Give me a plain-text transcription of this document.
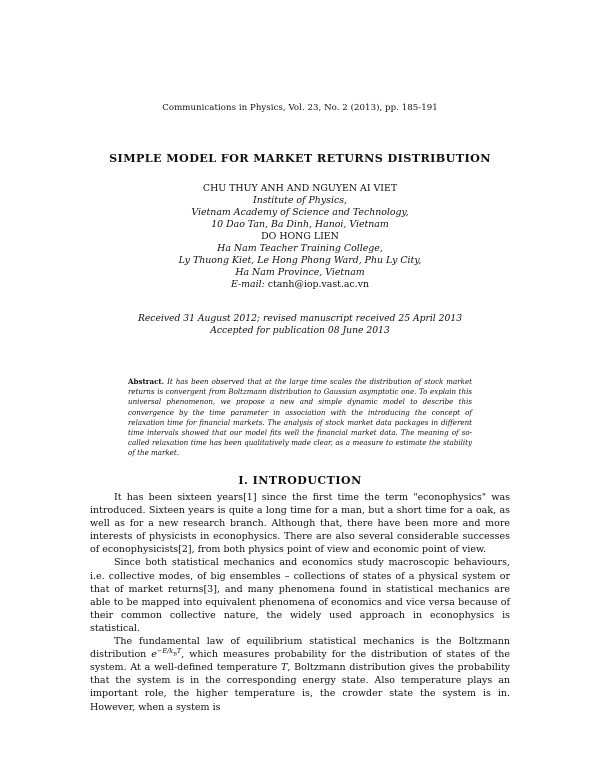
Communications in Physics, Vol. 23, No. 2 (2013), pp. 185-191
SIMPLE MODEL FOR MARKET RETURNS DISTRIBUTION
CHU THUY ANH AND NGUYEN AI VIET
Institute of Physics,
Vietnam Academy of Science and Technology,
10 Dao Tan, Ba Dinh, Hanoi, Vietnam
DO HONG LIEN
Ha Nam Teacher Training College,
Ly Thuong Kiet, Le Hong Phong Ward, Phu Ly City,
Ha Nam Province, Vietnam
E-mail: ctanh@iop.vast.ac.vn
Received 31 August 2012; revised manuscript received 25 April 2013
Accepted for publication 08 June 2013
Abstract. It has been observed that at the large time scales the distribution of stock market returns is convergent from Boltzmann distribution to Gaussian asymptotic one. To explain this universal phenomenon, we propose a new and simple dynamic model to describe this convergence by the time parameter in association with the introducing the concept of relaxation time for financial markets. The analysis of stock market data packages in different time intervals showed that our model fits well the financial market data. The meaning of so-called relaxation time has been qualitatively made clear, as a measure to estimate the stability of the market.
I. INTRODUCTION

It has been sixteen years[1] since the first time the term "econophysics" was introduced. Sixteen years is quite a long time for a man, but a short time for a oak, as well as for a new research branch. Although that, there have been more and more interests of physicists in econophysics. There are also several considerable successes of econophysicists[2], from both physics point of view and economic point of view.

Since both statistical mechanics and economics study macroscopic behaviours, i.e. collective modes, of big ensembles – collections of states of a physical system or that of market returns[3], and many phenomena found in statistical mechanics are able to be mapped into equivalent phenomena of economics and vice versa because of their common collective nature, the widely used approach in econophysics is statistical.

The fundamental law of equilibrium statistical mechanics is the Boltzmann distribution $e^{-E/k_BT}$, which measures probability for the distribution of states of the system. At a well-defined temperature T, Boltzmann distribution gives the probability that the system is in the corresponding energy state. Also temperature plays an important role, the higher temperature is, the crowder state the system is in. However, when a system is
